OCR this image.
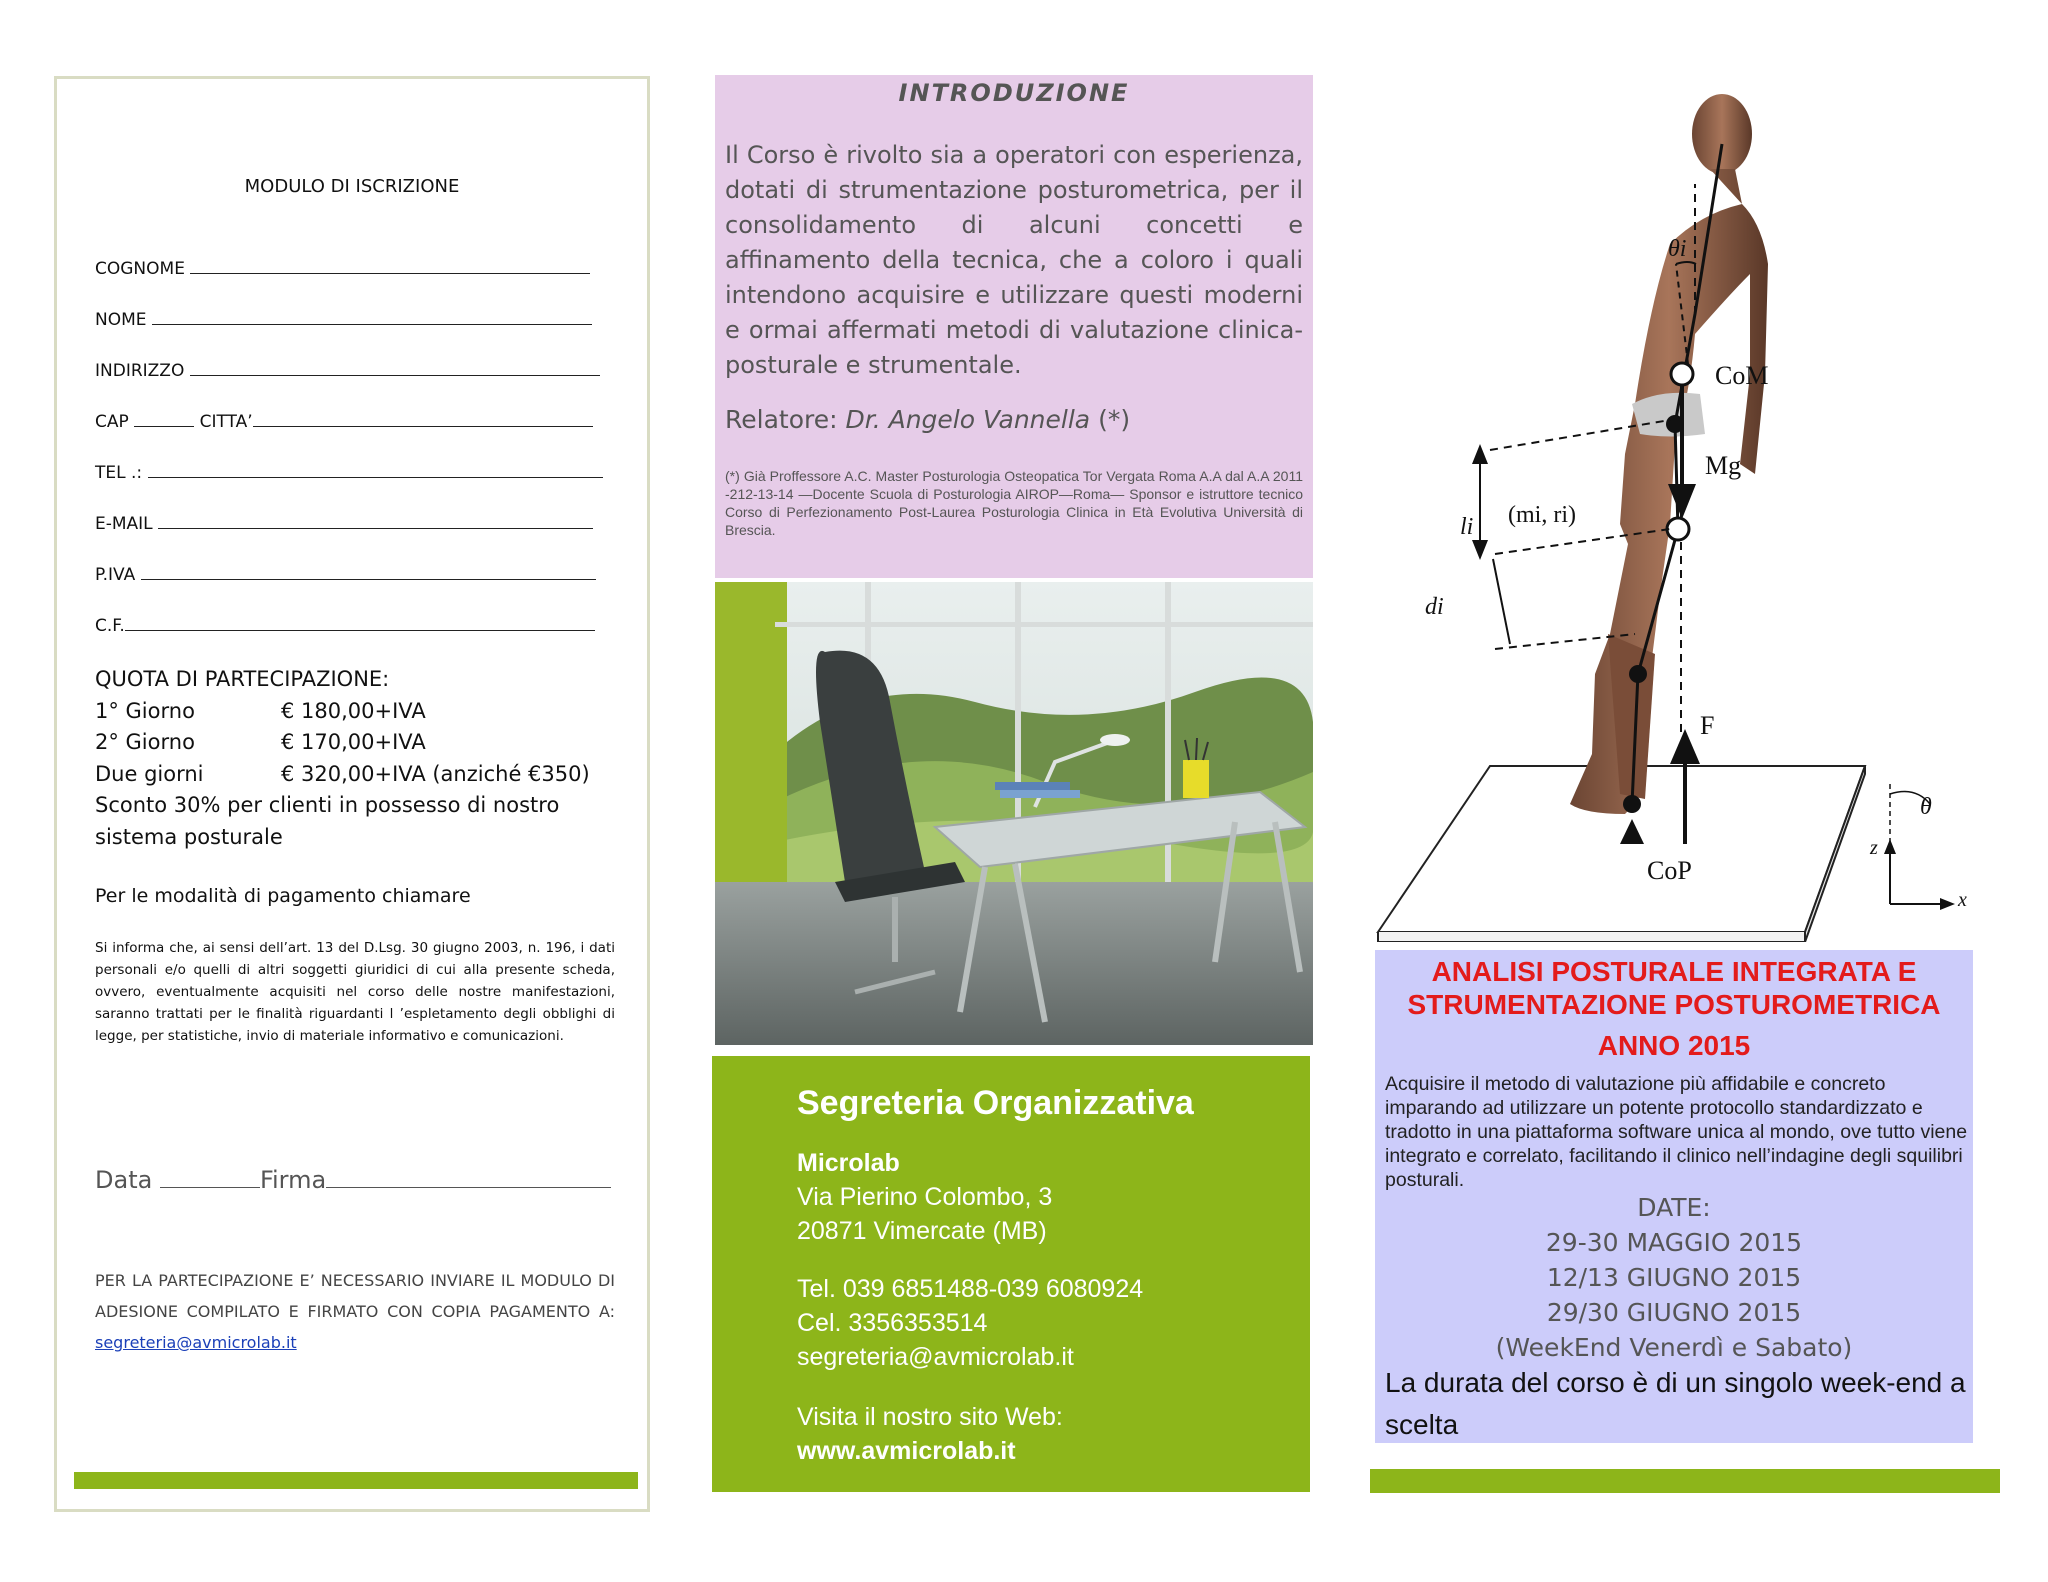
MODULO DI ISCRIZIONE
COGNOME
NOME
INDIRIZZO
CAP	CITTA’
TEL .:
E-MAIL
P.IVA
C.F.
QUOTA DI PARTECIPAZIONE:
1° Giorno	€ 180,00+IVA
2° Giorno	€ 170,00+IVA
Due giorni	€ 320,00+IVA (anziché €350)
Sconto 30% per clienti in possesso di nostro sistema posturale
Per le modalità di pagamento chiamare
Si informa che, ai sensi dell’art. 13 del D.Lsg. 30 giugno 2003, n. 196, i dati personali e/o quelli di altri soggetti giuridici di cui alla presente scheda, ovvero, eventualmente acquisiti nel corso delle nostre manifestazioni, saranno trattati per le finalità riguardanti l ’espletamento degli obblighi di legge, per statistiche, invio di materiale informativo e comunicazioni.
Data	Firma
PER LA PARTECIPAZIONE E’ NECESSARIO INVIARE IL MODULO DI ADESIONE COMPILATO E FIRMATO CON COPIA PAGAMENTO A: segreteria@avmicrolab.it
INTRODUZIONE
Il Corso è rivolto sia a operatori con esperienza, dotati di strumentazione posturometrica, per il consolidamento di alcuni concetti e affinamento della tecnica, che a coloro i quali intendono acquisire e utilizzare questi moderni e ormai affermati metodi di valutazione clinica-posturale e strumentale.
Relatore: Dr. Angelo Vannella (*)
(*) Già Proffessore A.C. Master Posturologia Osteopatica Tor Vergata Roma A.A dal A.A 2011 -212-13-14 —Docente Scuola di Posturologia AIROP—Roma— Sponsor e istruttore tecnico Corso di Perfezionamento Post-Laurea Posturologia Clinica in Età Evolutiva Università di Brescia.
Segreteria Organizzativa
Microlab
Via Pierino Colombo, 3
20871 Vimercate (MB)
Tel. 039 6851488-039 6080924
Cel. 3356353514
segreteria@avmicrolab.it
Visita il nostro sito Web:
www.avmicrolab.it
θi
CoM
Mg
(mi, ri)
li
di
F
CoP
θ
z
x
ANALISI POSTURALE INTEGRATA E
STRUMENTAZIONE POSTUROMETRICA
ANNO 2015
Acquisire il metodo di valutazione più affidabile e concreto imparando ad utilizzare un potente protocollo standardizzato e tradotto in una piattaforma software unica al mondo, ove tutto viene integrato e correlato, facilitando il clinico nell’indagine degli squilibri posturali.
DATE:
29-30 MAGGIO 2015
12/13 GIUGNO 2015
29/30 GIUGNO 2015
(WeekEnd Venerdì e Sabato)
La durata del corso è di un singolo week-end a scelta
